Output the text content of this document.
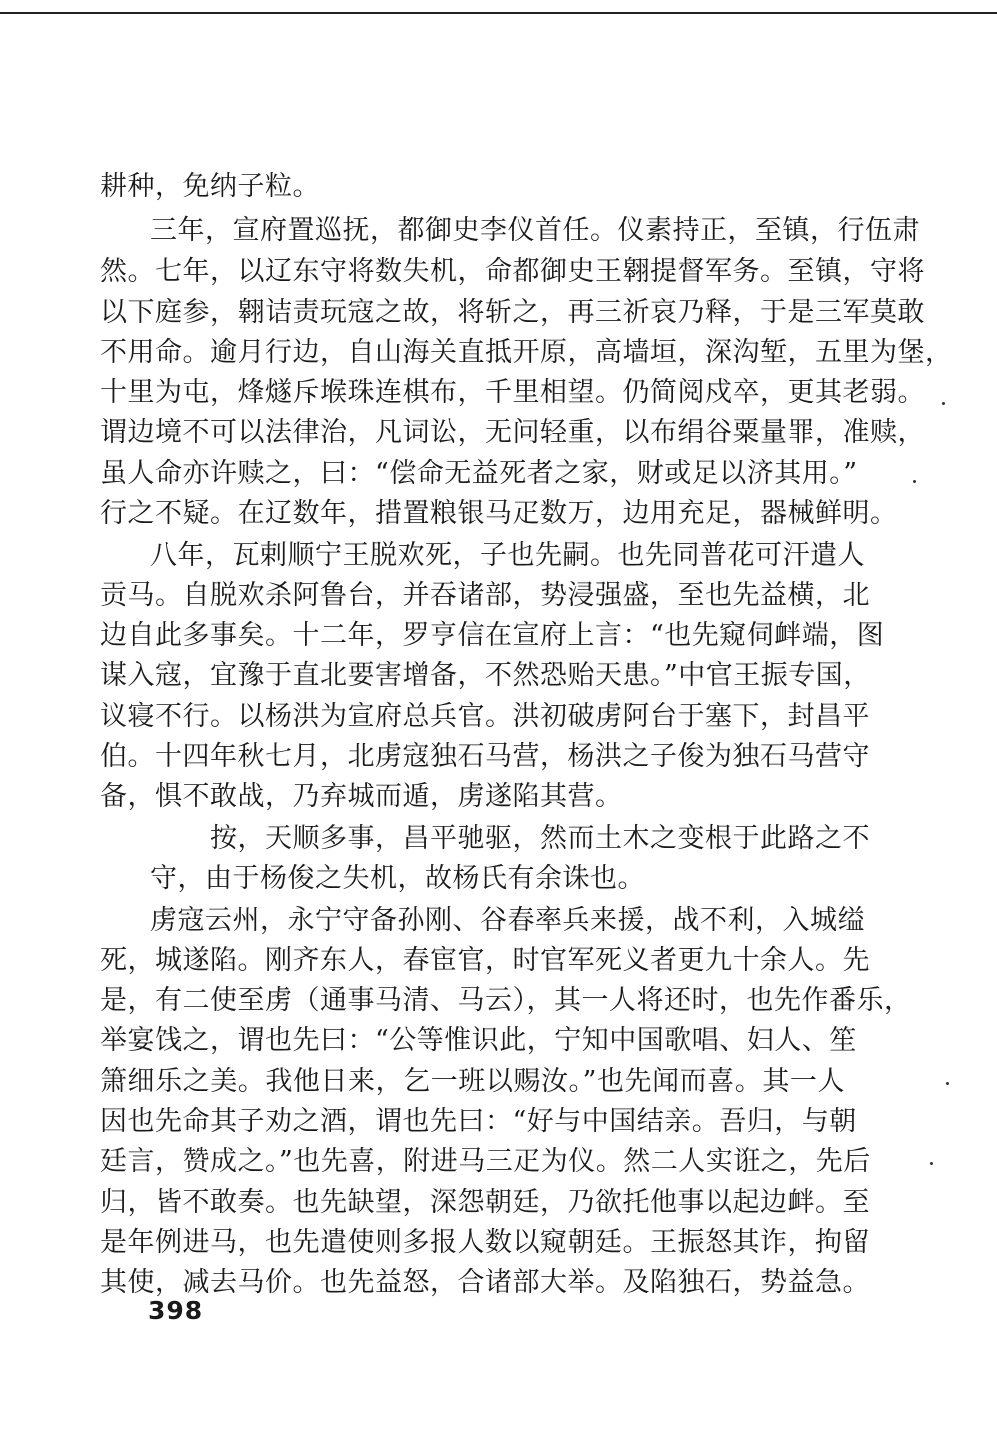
耕种，免纳子粒。
三年，宣府置巡抚，都御史李仪首任。仪素持正，至镇，行伍肃
然。七年，以辽东守将数失机，命都御史王翱提督军务。至镇，守将
以下庭参，翱诘责玩寇之故，将斩之，再三祈哀乃释，于是三军莫敢
不用命。逾月行边，自山海关直抵开原，高墙垣，深沟堑，五里为堡，
十里为屯，烽燧斥堠珠连棋布，千里相望。仍简阅戍卒，更其老弱。
谓边境不可以法律治，凡词讼，无问轻重，以布绢谷粟量罪，准赎，
虽人命亦许赎之，曰：“偿命无益死者之家，财或足以济其用。”
行之不疑。在辽数年，措置粮银马疋数万，边用充足，器械鲜明。
八年，瓦剌顺宁王脱欢死，子也先嗣。也先同普花可汗遣人
贡马。自脱欢杀阿鲁台，并吞诸部，势浸强盛，至也先益横，北
边自此多事矣。十二年，罗亨信在宣府上言：“也先窥伺衅端，图
谋入寇，宜豫于直北要害增备，不然恐贻天患。”中官王振专国，
议寝不行。以杨洪为宣府总兵官。洪初破虏阿台于塞下，封昌平
伯。十四年秋七月，北虏寇独石马营，杨洪之子俊为独石马营守
备，惧不敢战，乃弃城而遁，虏遂陷其营。
按，天顺多事，昌平驰驱，然而土木之变根于此路之不
守，由于杨俊之失机，故杨氏有余诛也。
虏寇云州，永宁守备孙刚、谷春率兵来援，战不利，入城缢
死，城遂陷。刚齐东人，春宦官，时官军死义者更九十余人。先
是，有二使至虏（通事马清、马云），其一人将还时，也先作番乐，
举宴饯之，谓也先曰：“公等惟识此，宁知中国歌唱、妇人、笙
箫细乐之美。我他日来，乞一班以赐汝。”也先闻而喜。其一人
因也先命其子劝之酒，谓也先曰：“好与中国结亲。吾归，与朝
廷言，赞成之。”也先喜，附进马三疋为仪。然二人实诳之，先后
归，皆不敢奏。也先缺望，深怨朝廷，乃欲托他事以起边衅。至
是年例进马，也先遣使则多报人数以窥朝廷。王振怒其诈，拘留
其使，减去马价。也先益怒，合诸部大举。及陷独石，势益急。
398
